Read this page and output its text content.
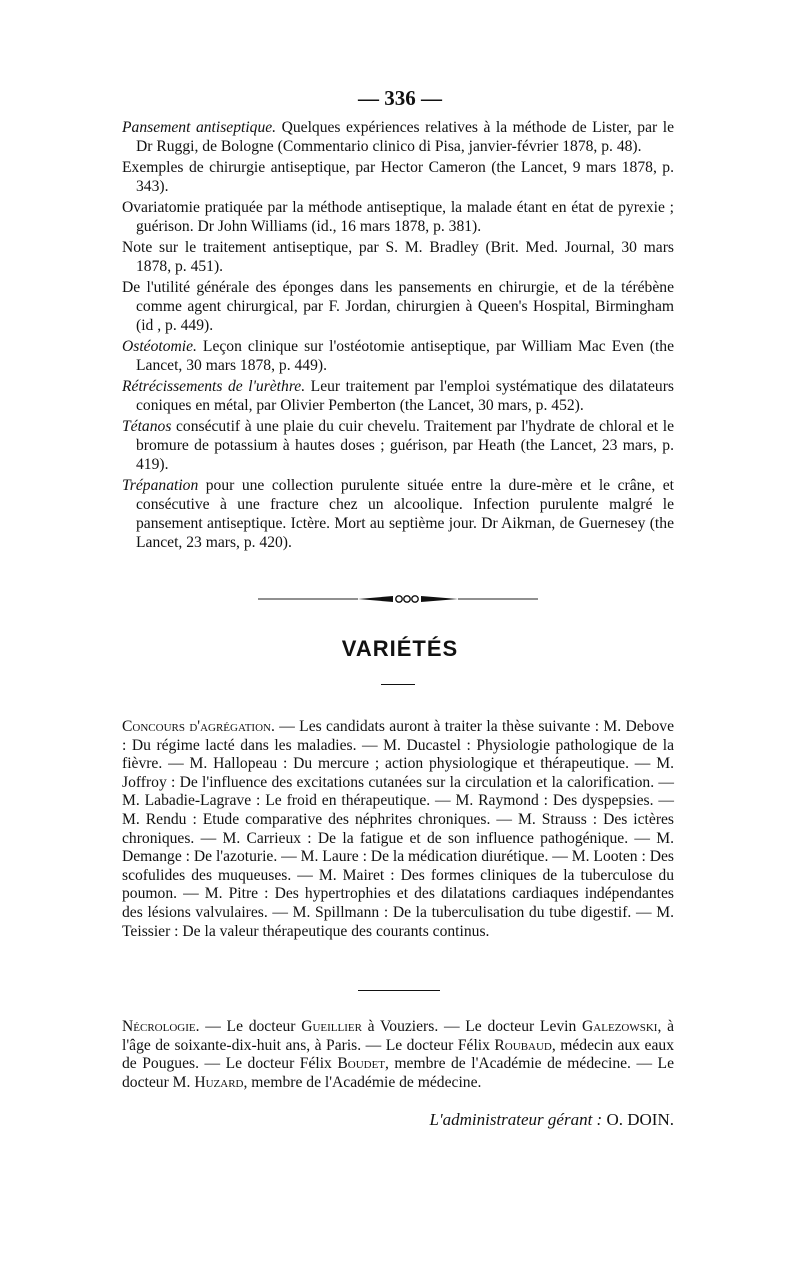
— 336 —

Pansement antiseptique. Quelques expériences relatives à la méthode de Lister, par le Dr Ruggi, de Bologne (Commentario clinico di Pisa, janvier-février 1878, p. 48).

Exemples de chirurgie antiseptique, par Hector Cameron (the Lancet, 9 mars 1878, p. 343).

Ovariatomie pratiquée par la méthode antiseptique, la malade étant en état de pyrexie ; guérison. Dr John Williams (id., 16 mars 1878, p. 381).

Note sur le traitement antiseptique, par S. M. Bradley (Brit. Med. Journal, 30 mars 1878, p. 451).

De l'utilité générale des éponges dans les pansements en chirurgie, et de la térébène comme agent chirurgical, par F. Jordan, chirurgien à Queen's Hospital, Birmingham (id , p. 449).

Ostéotomie. Leçon clinique sur l'ostéotomie antiseptique, par William Mac Even (the Lancet, 30 mars 1878, p. 449).

Rétrécissements de l'urèthre. Leur traitement par l'emploi systématique des dilatateurs coniques en métal, par Olivier Pemberton (the Lancet, 30 mars, p. 452).

Tétanos consécutif à une plaie du cuir chevelu. Traitement par l'hydrate de chloral et le bromure de potassium à hautes doses ; guérison, par Heath (the Lancet, 23 mars, p. 419).

Trépanation pour une collection purulente située entre la dure-mère et le crâne, et consécutive à une fracture chez un alcoolique. Infection purulente malgré le pansement antiseptique. Ictère. Mort au septième jour. Dr Aikman, de Guernesey (the Lancet, 23 mars, p. 420).

VARIÉTÉS

Concours d'agrégation. — Les candidats auront à traiter la thèse suivante : M. Debove : Du régime lacté dans les maladies. — M. Ducastel : Physiologie pathologique de la fièvre. — M. Hallopeau : Du mercure ; action physiologique et thérapeutique. — M. Joffroy : De l'influence des excitations cutanées sur la circulation et la calorification. — M. Labadie-Lagrave : Le froid en thérapeutique. — M. Raymond : Des dyspepsies. — M. Rendu : Etude comparative des néphrites chroniques. — M. Strauss : Des ictères chroniques. — M. Carrieux : De la fatigue et de son influence pathogénique. — M. Demange : De l'azoturie. — M. Laure : De la médication diurétique. — M. Looten : Des scofulides des muqueuses. — M. Mairet : Des formes cliniques de la tuberculose du poumon. — M. Pitre : Des hypertrophies et des dilatations cardiaques indépendantes des lésions valvulaires. — M. Spillmann : De la tuberculisation du tube digestif. — M. Teissier : De la valeur thérapeutique des courants continus.

Nécrologie. — Le docteur Gueillier à Vouziers. — Le docteur Levin Galezowski, à l'âge de soixante-dix-huit ans, à Paris. — Le docteur Félix Roubaud, médecin aux eaux de Pougues. — Le docteur Félix Boudet, membre de l'Académie de médecine. — Le docteur M. Huzard, membre de l'Académie de médecine.

L'administrateur gérant : O. DOIN.
